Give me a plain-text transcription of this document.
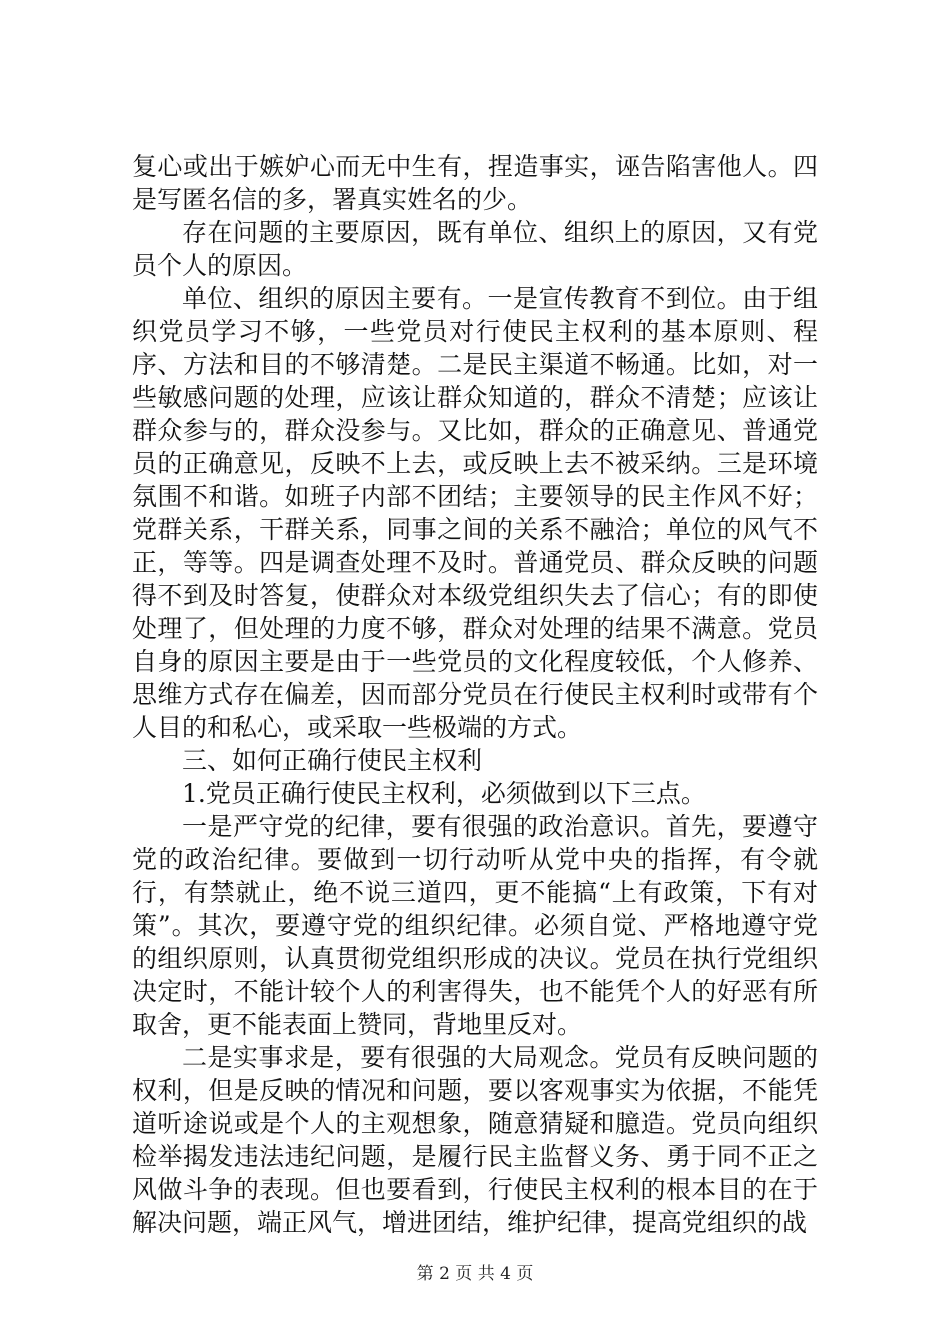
复心或出于嫉妒心而无中生有，捏造事实，诬告陷害他人。四是写匿名信的多，署真实姓名的少。

存在问题的主要原因，既有单位、组织上的原因，又有党员个人的原因。

单位、组织的原因主要有。一是宣传教育不到位。由于组织党员学习不够，一些党员对行使民主权利的基本原则、程序、方法和目的不够清楚。二是民主渠道不畅通。比如，对一些敏感问题的处理，应该让群众知道的，群众不清楚；应该让群众参与的，群众没参与。又比如，群众的正确意见、普通党员的正确意见，反映不上去，或反映上去不被采纳。三是环境氛围不和谐。如班子内部不团结；主要领导的民主作风不好；党群关系，干群关系，同事之间的关系不融洽；单位的风气不正，等等。四是调查处理不及时。普通党员、群众反映的问题得不到及时答复，使群众对本级党组织失去了信心；有的即使处理了，但处理的力度不够，群众对处理的结果不满意。党员自身的原因主要是由于一些党员的文化程度较低，个人修养、思维方式存在偏差，因而部分党员在行使民主权利时或带有个人目的和私心，或采取一些极端的方式。

三、如何正确行使民主权利

1.党员正确行使民主权利，必须做到以下三点。

一是严守党的纪律，要有很强的政治意识。首先，要遵守党的政治纪律。要做到一切行动听从党中央的指挥，有令就行，有禁就止，绝不说三道四，更不能搞“上有政策，下有对策”。其次，要遵守党的组织纪律。必须自觉、严格地遵守党的组织原则，认真贯彻党组织形成的决议。党员在执行党组织决定时，不能计较个人的利害得失，也不能凭个人的好恶有所取舍，更不能表面上赞同，背地里反对。

二是实事求是，要有很强的大局观念。党员有反映问题的权利，但是反映的情况和问题，要以客观事实为依据，不能凭道听途说或是个人的主观想象，随意猜疑和臆造。党员向组织检举揭发违法违纪问题，是履行民主监督义务、勇于同不正之风做斗争的表现。但也要看到，行使民主权利的根本目的在于解决问题，端正风气，增进团结，维护纪律，提高党组织的战

第 2 页 共 4 页
